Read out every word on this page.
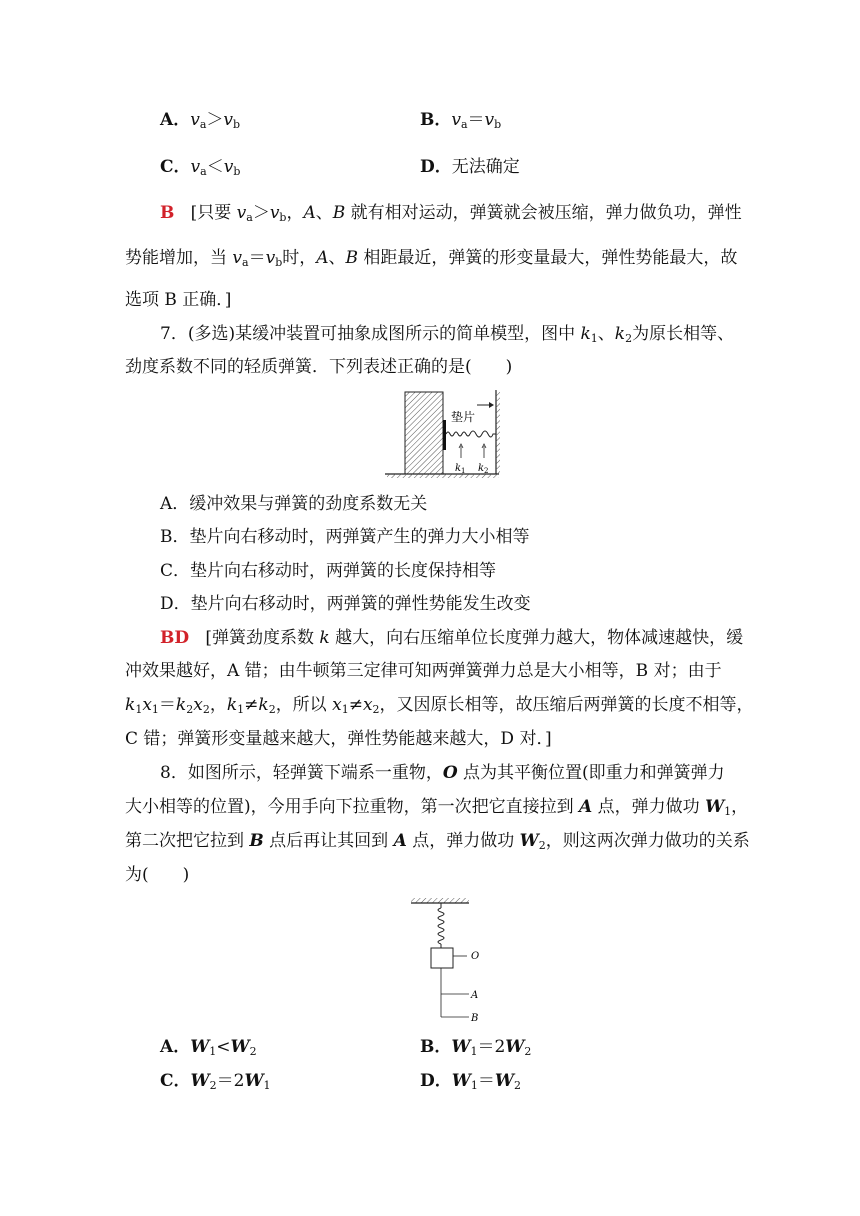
A．$v_a>v_b$	B．$v_a=v_b$
C．$v_a<v_b$	D．无法确定
B [只要 $v_a>v_b$，A、B 就有相对运动，弹簧就会被压缩，弹力做负功，弹性
势能增加，当 $v_a=v_b$时，A、B 相距最近，弹簧的形变量最大，弹性势能最大，故
选项 B 正确．]
7．(多选)某缓冲装置可抽象成图所示的简单模型，图中 $k_1$、$k_2$为原长相等、
劲度系数不同的轻质弹簧．下列表述正确的是(　　)
垫片
k 1 k 2
A．缓冲效果与弹簧的劲度系数无关
B．垫片向右移动时，两弹簧产生的弹力大小相等
C．垫片向右移动时，两弹簧的长度保持相等
D．垫片向右移动时，两弹簧的弹性势能发生改变
BD [弹簧劲度系数 k 越大，向右压缩单位长度弹力越大，物体减速越快，缓
冲效果越好，A 错；由牛顿第三定律可知两弹簧弹力总是大小相等，B 对；由于
$k_1x_1=k_2x_2$，$k_1\ne k_2$，所以 $x_1\ne x_2$，又因原长相等，故压缩后两弹簧的长度不相等，
C 错；弹簧形变量越来越大，弹性势能越来越大，D 对．]
8．如图所示，轻弹簧下端系一重物，O 点为其平衡位置(即重力和弹簧弹力
大小相等的位置)，今用手向下拉重物，第一次把它直接拉到 A 点，弹力做功 $W_1$，
第二次把它拉到 B 点后再让其回到 A 点，弹力做功 $W_2$，则这两次弹力做功的关系
为(　　)
O
A
B
A．$W_1<W_2$	B．$W_1=2W_2$
C．$W_2=2W_1$	D．$W_1=W_2$
